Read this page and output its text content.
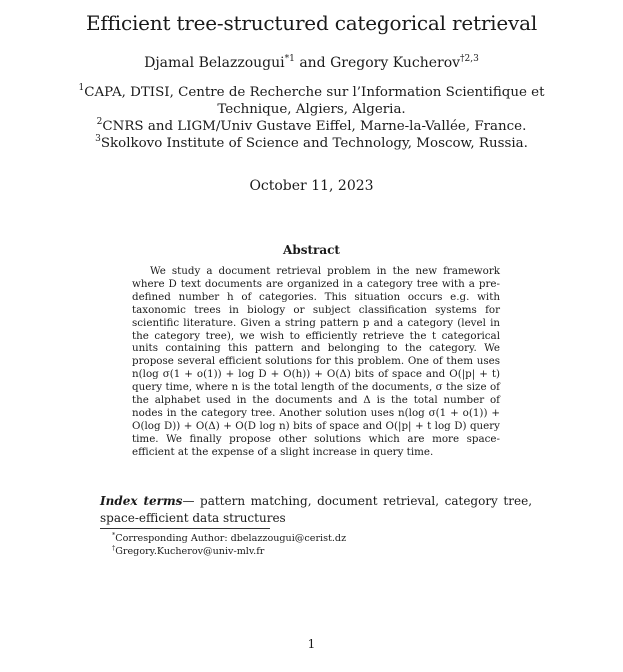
Efficient tree-structured categorical retrieval
Djamal Belazzougui$^{*1}$ and Gregory Kucherov$^{\dagger 2,3}$
$^1$CAPA, DTISI, Centre de Recherche sur l’Information Scientifique et
Technique, Algiers, Algeria.
$^2$CNRS and LIGM/Univ Gustave Eiffel, Marne-la-Vallée, France.
$^3$Skolkovo Institute of Science and Technology, Moscow, Russia.
October 11, 2023
Abstract

We study a document retrieval problem in the new framework where D text documents are organized in a category tree with a pre-defined number h of categories. This situation occurs e.g. with taxonomic trees in biology or subject classification systems for scientific literature. Given a string pattern p and a category (level in the category tree), we wish to efficiently retrieve the t categorical units containing this pattern and belonging to the category. We propose several efficient solutions for this problem. One of them uses n(log σ(1 + o(1)) + log D + O(h)) + O(Δ) bits of space and O(|p| + t) query time, where n is the total length of the documents, σ the size of the alphabet used in the documents and Δ is the total number of nodes in the category tree. Another solution uses n(log σ(1 + o(1)) + O(log D)) + O(Δ) + O(D log n) bits of space and O(|p| + t log D) query time. We finally propose other solutions which are more space-efficient at the expense of a slight increase in query time.

Index terms— pattern matching, document retrieval, category tree, space-efficient data structures
*Corresponding Author: dbelazzougui@cerist.dz
†Gregory.Kucherov@univ-mlv.fr
1
